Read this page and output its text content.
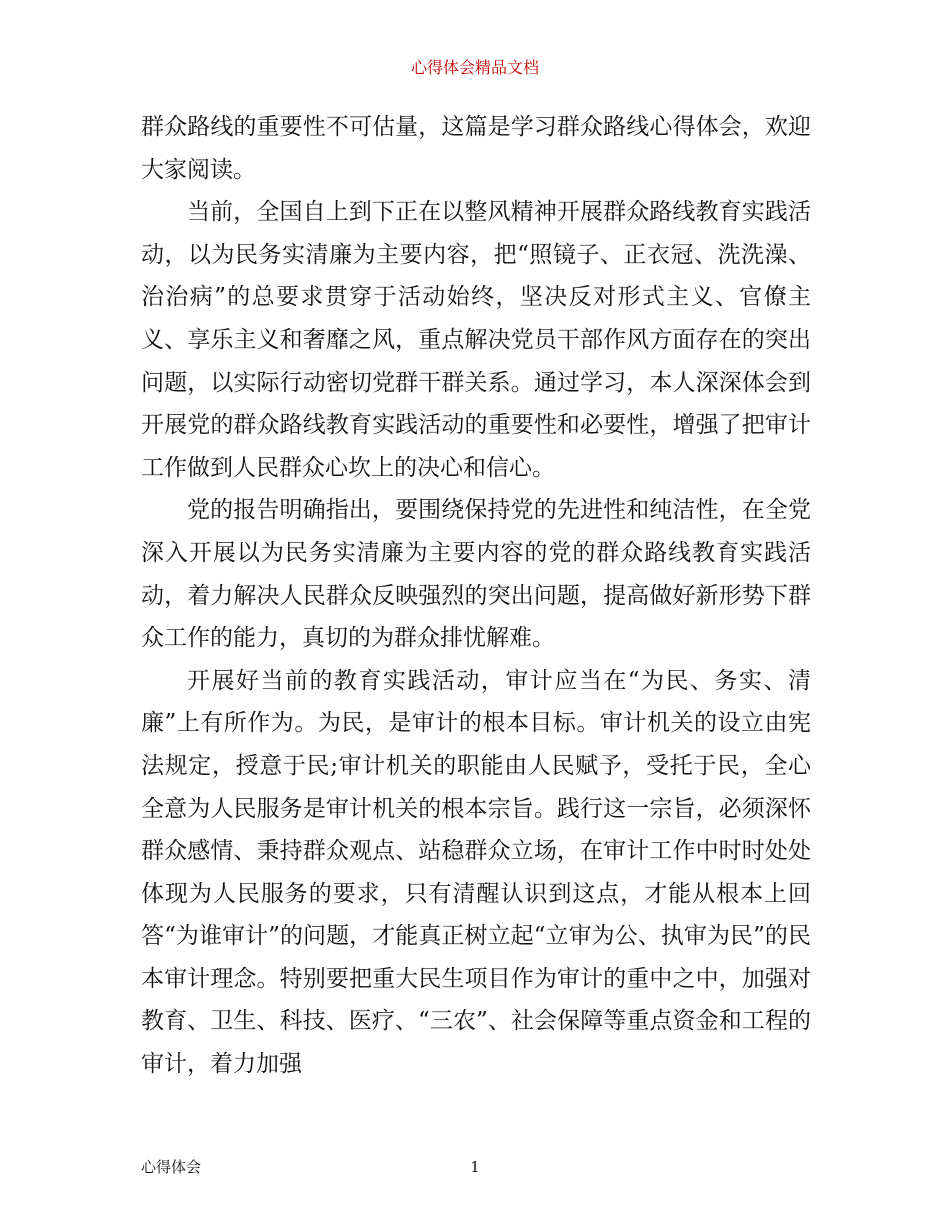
心得体会精品文档

群众路线的重要性不可估量，这篇是学习群众路线心得体会，欢迎大家阅读。

当前，全国自上到下正在以整风精神开展群众路线教育实践活动，以为民务实清廉为主要内容，把“照镜子、正衣冠、洗洗澡、治治病”的总要求贯穿于活动始终，坚决反对形式主义、官僚主义、享乐主义和奢靡之风，重点解决党员干部作风方面存在的突出问题，以实际行动密切党群干群关系。通过学习，本人深深体会到开展党的群众路线教育实践活动的重要性和必要性，增强了把审计工作做到人民群众心坎上的决心和信心。

党的报告明确指出，要围绕保持党的先进性和纯洁性，在全党深入开展以为民务实清廉为主要内容的党的群众路线教育实践活动，着力解决人民群众反映强烈的突出问题，提高做好新形势下群众工作的能力，真切的为群众排忧解难。

开展好当前的教育实践活动，审计应当在“为民、务实、清廉”上有所作为。为民，是审计的根本目标。审计机关的设立由宪法规定，授意于民;审计机关的职能由人民赋予，受托于民，全心全意为人民服务是审计机关的根本宗旨。践行这一宗旨，必须深怀群众感情、秉持群众观点、站稳群众立场，在审计工作中时时处处体现为人民服务的要求，只有清醒认识到这点，才能从根本上回答“为谁审计”的问题，才能真正树立起“立审为公、执审为民”的民本审计理念。特别要把重大民生项目作为审计的重中之中，加强对教育、卫生、科技、医疗、“三农”、社会保障等重点资金和工程的审计，着力加强

心得体会	1
